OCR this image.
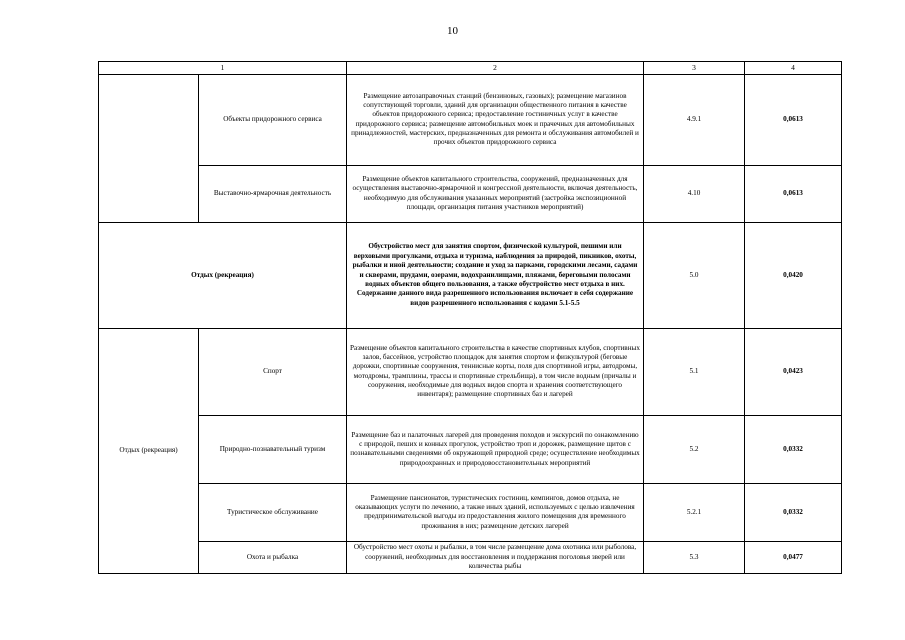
10
1		2	3	4
	Объекты придорожного сервиса	Размещение автозаправочных станций (бензиновых, газовых); размещение магазинов сопутствующей торговли, зданий для организации общественного питания в качестве объектов придорожного сервиса; предоставление гостиничных услуг в качестве придорожного сервиса; размещение автомобильных моек и прачечных для автомобильных принадлежностей, мастерских, предназначенных для ремонта и обслуживания автомобилей и прочих объектов придорожного сервиса	4.9.1	0,0613
	Выставочно-ярмарочная деятельность	Размещение объектов капитального строительства, сооружений, предназначенных для осуществления выставочно-ярмарочной и конгрессной деятельности, включая деятельность, необходимую для обслуживания указанных мероприятий (застройка экспозиционной площади, организация питания участников мероприятий)	4.10	0,0613
Отдых (рекреация)		Обустройство мест для занятия спортом, физической культурой, пешими или верховыми прогулками, отдыха и туризма, наблюдения за природой, пикников, охоты, рыбалки и иной деятельности; создание и уход за парками, городскими лесами, садами и скверами, прудами, озерами, водохранилищами, пляжами, береговыми полосами водных объектов общего пользования, а также обустройство мест отдыха в них. Содержание данного вида разрешенного использования включает в себя содержание видов разрешенного использования с кодами 5.1-5.5	5.0	0,0420
Отдых (рекреация)	Спорт	Размещение объектов капитального строительства в качестве спортивных клубов, спортивных залов, бассейнов, устройство площадок для занятия спортом и физкультурой (беговые дорожки, спортивные сооружения, теннисные корты, поля для спортивной игры, автодромы, мотодромы, трамплины, трассы и спортивные стрельбища), в том числе водным (причалы и сооружения, необходимые для водных видов спорта и хранения соответствующего инвентаря); размещение спортивных баз и лагерей	5.1	0,0423
	Природно-познавательный туризм	Размещение баз и палаточных лагерей для проведения походов и экскурсий по ознакомлению с природой, пеших и конных прогулок, устройство троп и дорожек, размещение щитов с познавательными сведениями об окружающей природной среде; осуществление необходимых природоохранных и природовосстановительных мероприятий	5.2	0,0332
	Туристическое обслуживание	Размещение пансионатов, туристических гостиниц, кемпингов, домов отдыха, не оказывающих услуги по лечению, а также иных зданий, используемых с целью извлечения предпринимательской выгоды из предоставления жилого помещения для временного проживания в них; размещение детских лагерей	5.2.1	0,0332
	Охота и рыбалка	Обустройство мест охоты и рыбалки, в том числе размещение дома охотника или рыболова, сооружений, необходимых для восстановления и поддержания поголовья зверей или количества рыбы	5.3	0,0477
